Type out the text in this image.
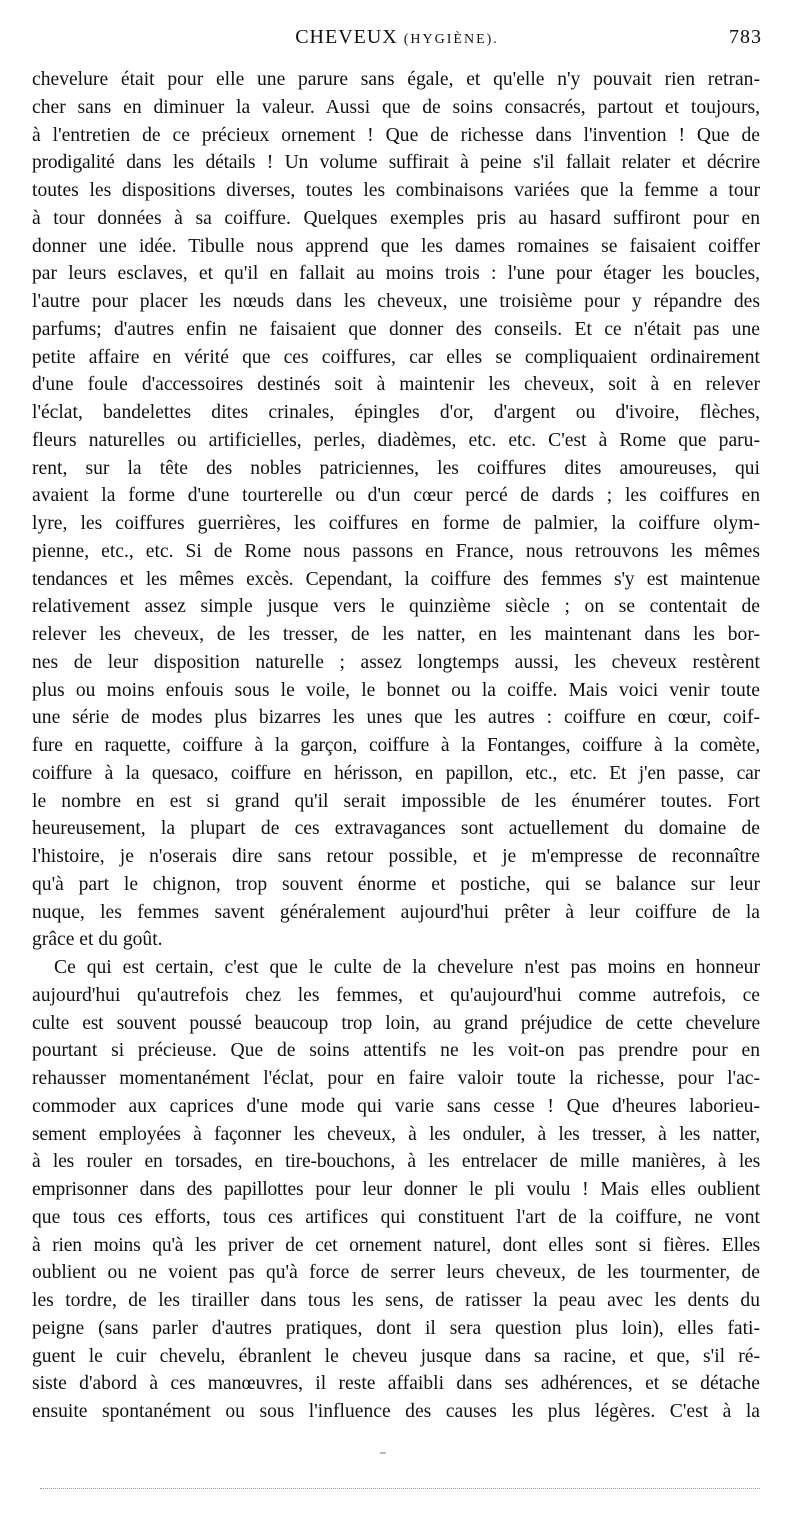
CHEVEUX (HYGIÈNE).	783
chevelure était pour elle une parure sans égale, et qu'elle n'y pouvait rien retran-
cher sans en diminuer la valeur. Aussi que de soins consacrés, partout et toujours,
à l'entretien de ce précieux ornement ! Que de richesse dans l'invention ! Que de
prodigalité dans les détails ! Un volume suffirait à peine s'il fallait relater et décrire
toutes les dispositions diverses, toutes les combinaisons variées que la femme a tour
à tour données à sa coiffure. Quelques exemples pris au hasard suffiront pour en
donner une idée. Tibulle nous apprend que les dames romaines se faisaient coiffer
par leurs esclaves, et qu'il en fallait au moins trois : l'une pour étager les boucles,
l'autre pour placer les nœuds dans les cheveux, une troisième pour y répandre des
parfums; d'autres enfin ne faisaient que donner des conseils. Et ce n'était pas une
petite affaire en vérité que ces coiffures, car elles se compliquaient ordinairement
d'une foule d'accessoires destinés soit à maintenir les cheveux, soit à en relever
l'éclat, bandelettes dites crinales, épingles d'or, d'argent ou d'ivoire, flèches,
fleurs naturelles ou artificielles, perles, diadèmes, etc. etc. C'est à Rome que paru-
rent, sur la tête des nobles patriciennes, les coiffures dites amoureuses, qui
avaient la forme d'une tourterelle ou d'un cœur percé de dards ; les coiffures en
lyre, les coiffures guerrières, les coiffures en forme de palmier, la coiffure olym-
pienne, etc., etc. Si de Rome nous passons en France, nous retrouvons les mêmes
tendances et les mêmes excès. Cependant, la coiffure des femmes s'y est maintenue
relativement assez simple jusque vers le quinzième siècle ; on se contentait de
relever les cheveux, de les tresser, de les natter, en les maintenant dans les bor-
nes de leur disposition naturelle ; assez longtemps aussi, les cheveux restèrent
plus ou moins enfouis sous le voile, le bonnet ou la coiffe. Mais voici venir toute
une série de modes plus bizarres les unes que les autres : coiffure en cœur, coif-
fure en raquette, coiffure à la garçon, coiffure à la Fontanges, coiffure à la comète,
coiffure à la quesaco, coiffure en hérisson, en papillon, etc., etc. Et j'en passe, car
le nombre en est si grand qu'il serait impossible de les énumérer toutes. Fort
heureusement, la plupart de ces extravagances sont actuellement du domaine de
l'histoire, je n'oserais dire sans retour possible, et je m'empresse de reconnaître
qu'à part le chignon, trop souvent énorme et postiche, qui se balance sur leur
nuque, les femmes savent généralement aujourd'hui prêter à leur coiffure de la
grâce et du goût.
Ce qui est certain, c'est que le culte de la chevelure n'est pas moins en honneur
aujourd'hui qu'autrefois chez les femmes, et qu'aujourd'hui comme autrefois, ce
culte est souvent poussé beaucoup trop loin, au grand préjudice de cette chevelure
pourtant si précieuse. Que de soins attentifs ne les voit-on pas prendre pour en
rehausser momentanément l'éclat, pour en faire valoir toute la richesse, pour l'ac-
commoder aux caprices d'une mode qui varie sans cesse ! Que d'heures laborieu-
sement employées à façonner les cheveux, à les onduler, à les tresser, à les natter,
à les rouler en torsades, en tire-bouchons, à les entrelacer de mille manières, à les
emprisonner dans des papillottes pour leur donner le pli voulu ! Mais elles oublient
que tous ces efforts, tous ces artifices qui constituent l'art de la coiffure, ne vont
à rien moins qu'à les priver de cet ornement naturel, dont elles sont si fières. Elles
oublient ou ne voient pas qu'à force de serrer leurs cheveux, de les tourmenter, de
les tordre, de les tirailler dans tous les sens, de ratisser la peau avec les dents du
peigne (sans parler d'autres pratiques, dont il sera question plus loin), elles fati-
guent le cuir chevelu, ébranlent le cheveu jusque dans sa racine, et que, s'il ré-
siste d'abord à ces manœuvres, il reste affaibli dans ses adhérences, et se détache
ensuite spontanément ou sous l'influence des causes les plus légères. C'est à la
